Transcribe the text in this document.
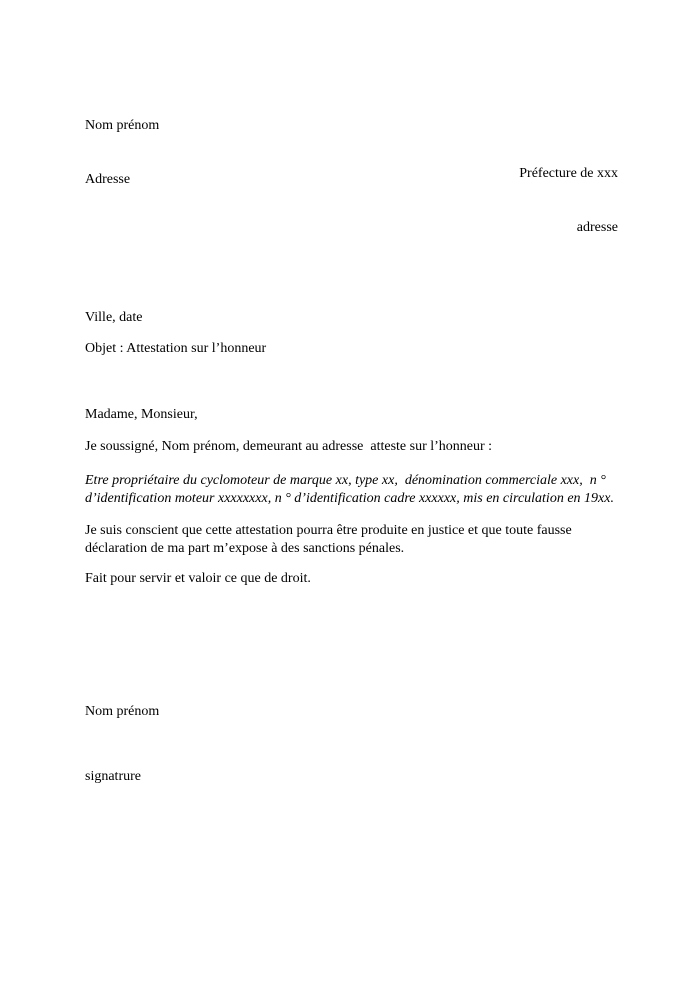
Nom prénom

Adresse

	Préfecture de xxx

adresse

Ville, date
Objet : Attestation sur l’honneur
Madame, Monsieur,
Je soussigné, Nom prénom, demeurant au adresse  atteste sur l’honneur :
Etre propriétaire du cyclomoteur de marque xx, type xx,  dénomination commerciale xxx,  n ° d’identification moteur xxxxxxxx, n ° d’identification cadre xxxxxx, mis en circulation en 19xx.
Je suis conscient que cette attestation pourra être produite en justice et que toute fausse déclaration de ma part m’expose à des sanctions pénales.
Fait pour servir et valoir ce que de droit.
Nom prénom
signatrure
